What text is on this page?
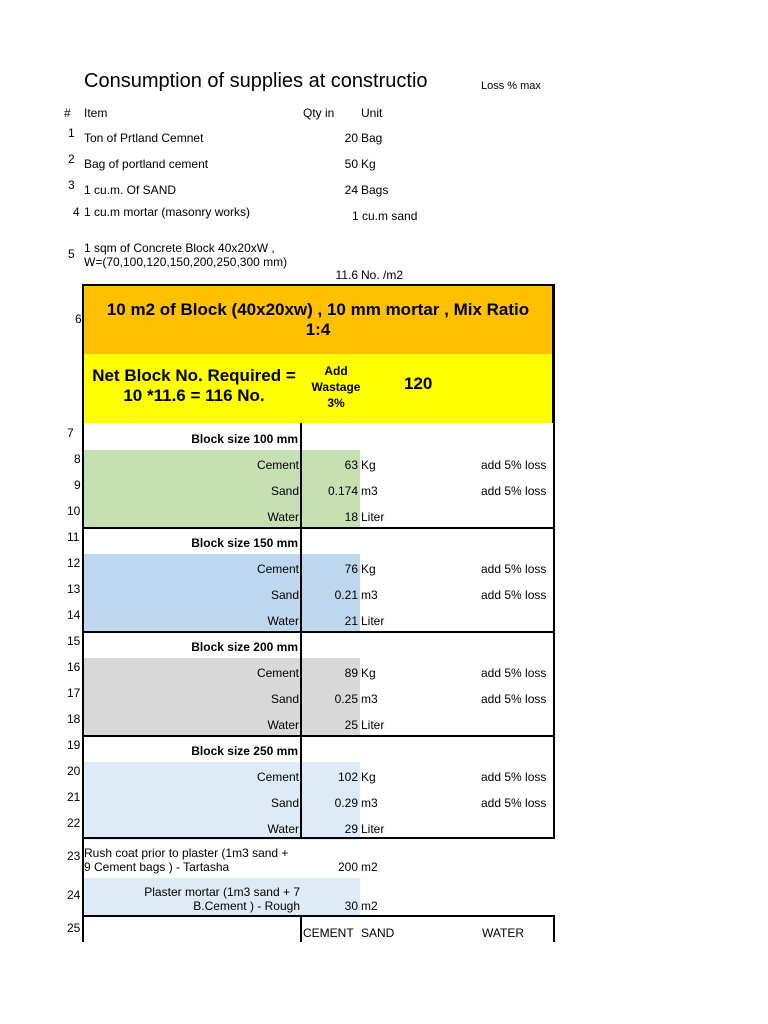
Consumption of supplies at constructio	Loss % max
# Item	Qty in Unit
1 Ton of Prtland Cemnet	20 Bag
2 Bag of portland cement	50 Kg
3 1 cu.m. Of SAND	24 Bags
4 1 cu.m mortar (masonry works)	1 cu.m sand
5 1 sqm of Concrete Block 40x20xW ,
W=(70,100,120,150,200,250,300 mm)
11.6 No. /m2
6	10 m2 of Block (40x20xw) , 10 mm mortar , Mix Ratio 1:4
Net Block No. Required =
10 *11.6 = 116 No.
Add
Wastage
3%
120
7	Block size 100 mm
8	Cement	63 Kg	add 5% loss
9	Sand	0.174 m3	add 5% loss
10	Water	18 Liter
11	Block size 150 mm
12	Cement	76 Kg	add 5% loss
13	Sand	0.21 m3	add 5% loss
14	Water	21 Liter
15	Block size 200 mm
16	Cement	89 Kg	add 5% loss
17	Sand	0.25 m3	add 5% loss
18	Water	25 Liter
19	Block size 250 mm
20	Cement	102 Kg	add 5% loss
21	Sand	0.29 m3	add 5% loss
22	Water	29 Liter
23 Rush coat prior to plaster (1m3 sand +
9 Cement bags ) - Tartasha	200 m2
24	Plaster mortar (1m3 sand + 7
B.Cement ) - Rough	30 m2
25	CEMENT SAND	WATER
